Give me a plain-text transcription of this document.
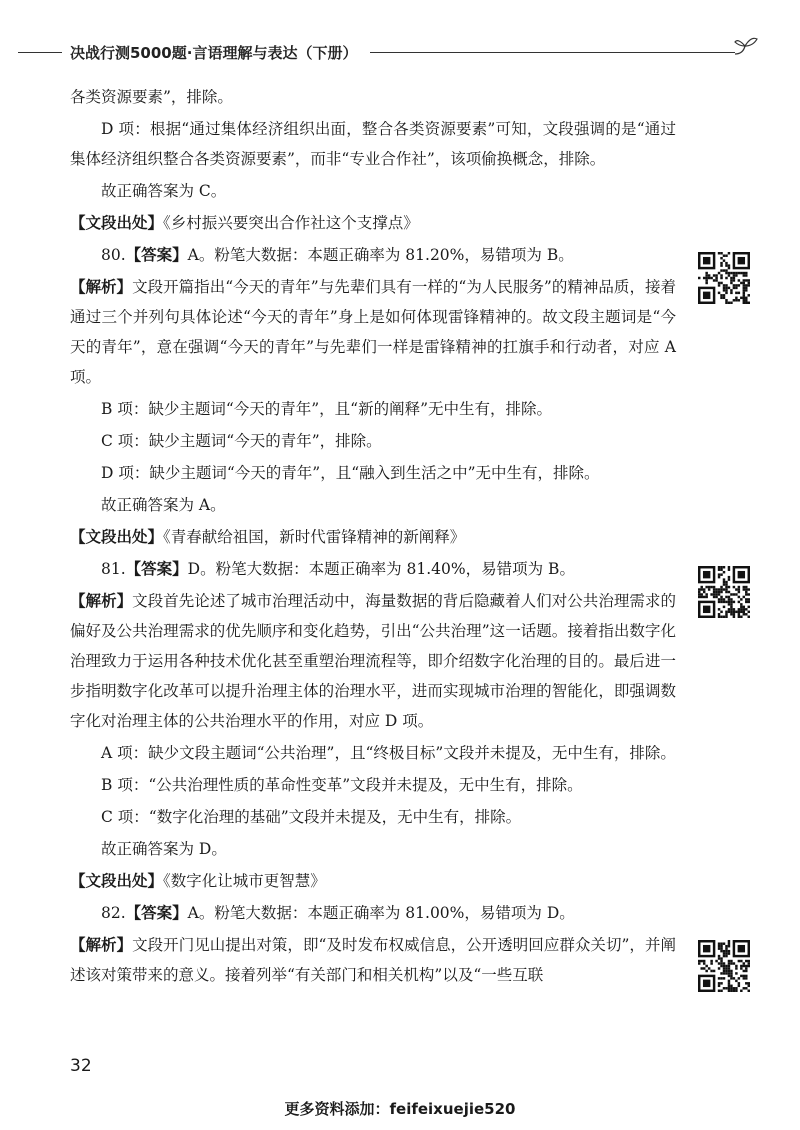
决战行测5000题·言语理解与表达（下册）

各类资源要素”，排除。

D 项：根据“通过集体经济组织出面，整合各类资源要素”可知，文段强调的是“通过集体经济组织整合各类资源要素”，而非“专业合作社”，该项偷换概念，排除。

故正确答案为 C。

【文段出处】《乡村振兴要突出合作社这个支撑点》

80.【答案】A。粉笔大数据：本题正确率为 81.20%，易错项为 B。

【解析】文段开篇指出“今天的青年”与先辈们具有一样的“为人民服务”的精神品质，接着通过三个并列句具体论述“今天的青年”身上是如何体现雷锋精神的。故文段主题词是“今天的青年”，意在强调“今天的青年”与先辈们一样是雷锋精神的扛旗手和行动者，对应 A 项。

B 项：缺少主题词“今天的青年”，且“新的阐释”无中生有，排除。

C 项：缺少主题词“今天的青年”，排除。

D 项：缺少主题词“今天的青年”，且“融入到生活之中”无中生有，排除。

故正确答案为 A。

【文段出处】《青春献给祖国，新时代雷锋精神的新阐释》

81.【答案】D。粉笔大数据：本题正确率为 81.40%，易错项为 B。

【解析】文段首先论述了城市治理活动中，海量数据的背后隐藏着人们对公共治理需求的偏好及公共治理需求的优先顺序和变化趋势，引出“公共治理”这一话题。接着指出数字化治理致力于运用各种技术优化甚至重塑治理流程等，即介绍数字化治理的目的。最后进一步指明数字化改革可以提升治理主体的治理水平，进而实现城市治理的智能化，即强调数字化对治理主体的公共治理水平的作用，对应 D 项。

A 项：缺少文段主题词“公共治理”，且“终极目标”文段并未提及，无中生有，排除。

B 项：“公共治理性质的革命性变革”文段并未提及，无中生有，排除。

C 项：“数字化治理的基础”文段并未提及，无中生有，排除。

故正确答案为 D。

【文段出处】《数字化让城市更智慧》

82.【答案】A。粉笔大数据：本题正确率为 81.00%，易错项为 D。

【解析】文段开门见山提出对策，即“及时发布权威信息，公开透明回应群众关切”，并阐述该对策带来的意义。接着列举“有关部门和相关机构”以及“一些互联

32
更多资料添加：feifeixuejie520
